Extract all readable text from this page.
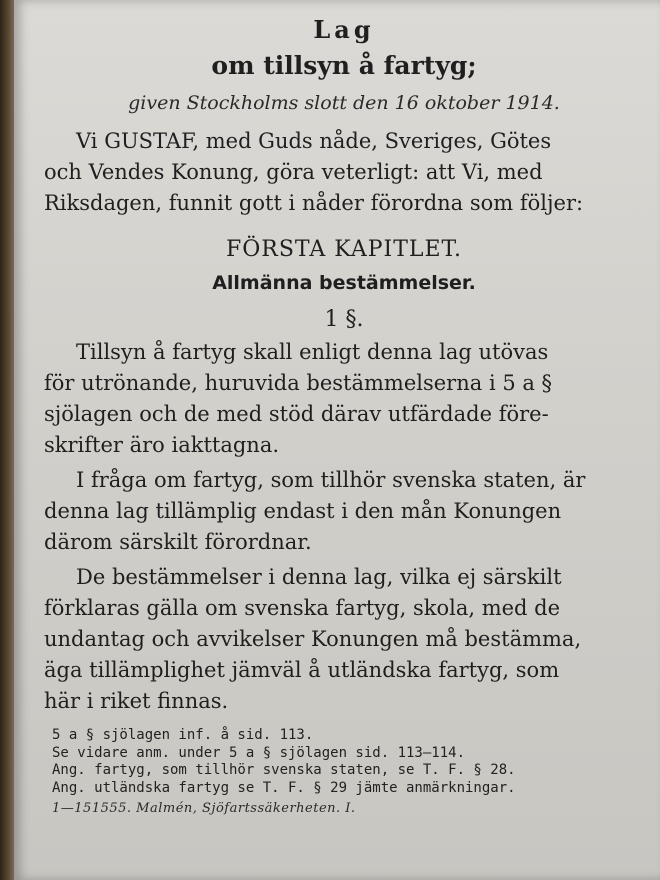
Lag
om tillsyn å fartyg;
given Stockholms slott den 16 oktober 1914.
Vi GUSTAF, med Guds nåde, Sveriges, Götes
och Vendes Konung, göra veterligt: att Vi, med
Riksdagen, funnit gott i nåder förordna som följer:
FÖRSTA KAPITLET.
Allmänna bestämmelser.
1 §.
Tillsyn å fartyg skall enligt denna lag utövas
för utrönande, huruvida bestämmelserna i 5 a §
sjölagen och de med stöd därav utfärdade före-
skrifter äro iakttagna.
I fråga om fartyg, som tillhör svenska staten, är
denna lag tillämplig endast i den mån Konungen
därom särskilt förordnar.
De bestämmelser i denna lag, vilka ej särskilt
förklaras gälla om svenska fartyg, skola, med de
undantag och avvikelser Konungen må bestämma,
äga tillämplighet jämväl å utländska fartyg, som
här i riket finnas.
5 a § sjölagen inf. å sid. 113.
Se vidare anm. under 5 a § sjölagen sid. 113—114.
Ang. fartyg, som tillhör svenska staten, se T. F. § 28.
Ang. utländska fartyg se T. F. § 29 jämte anmärkningar.
1—151555. Malmén, Sjöfartssäkerheten. I.
